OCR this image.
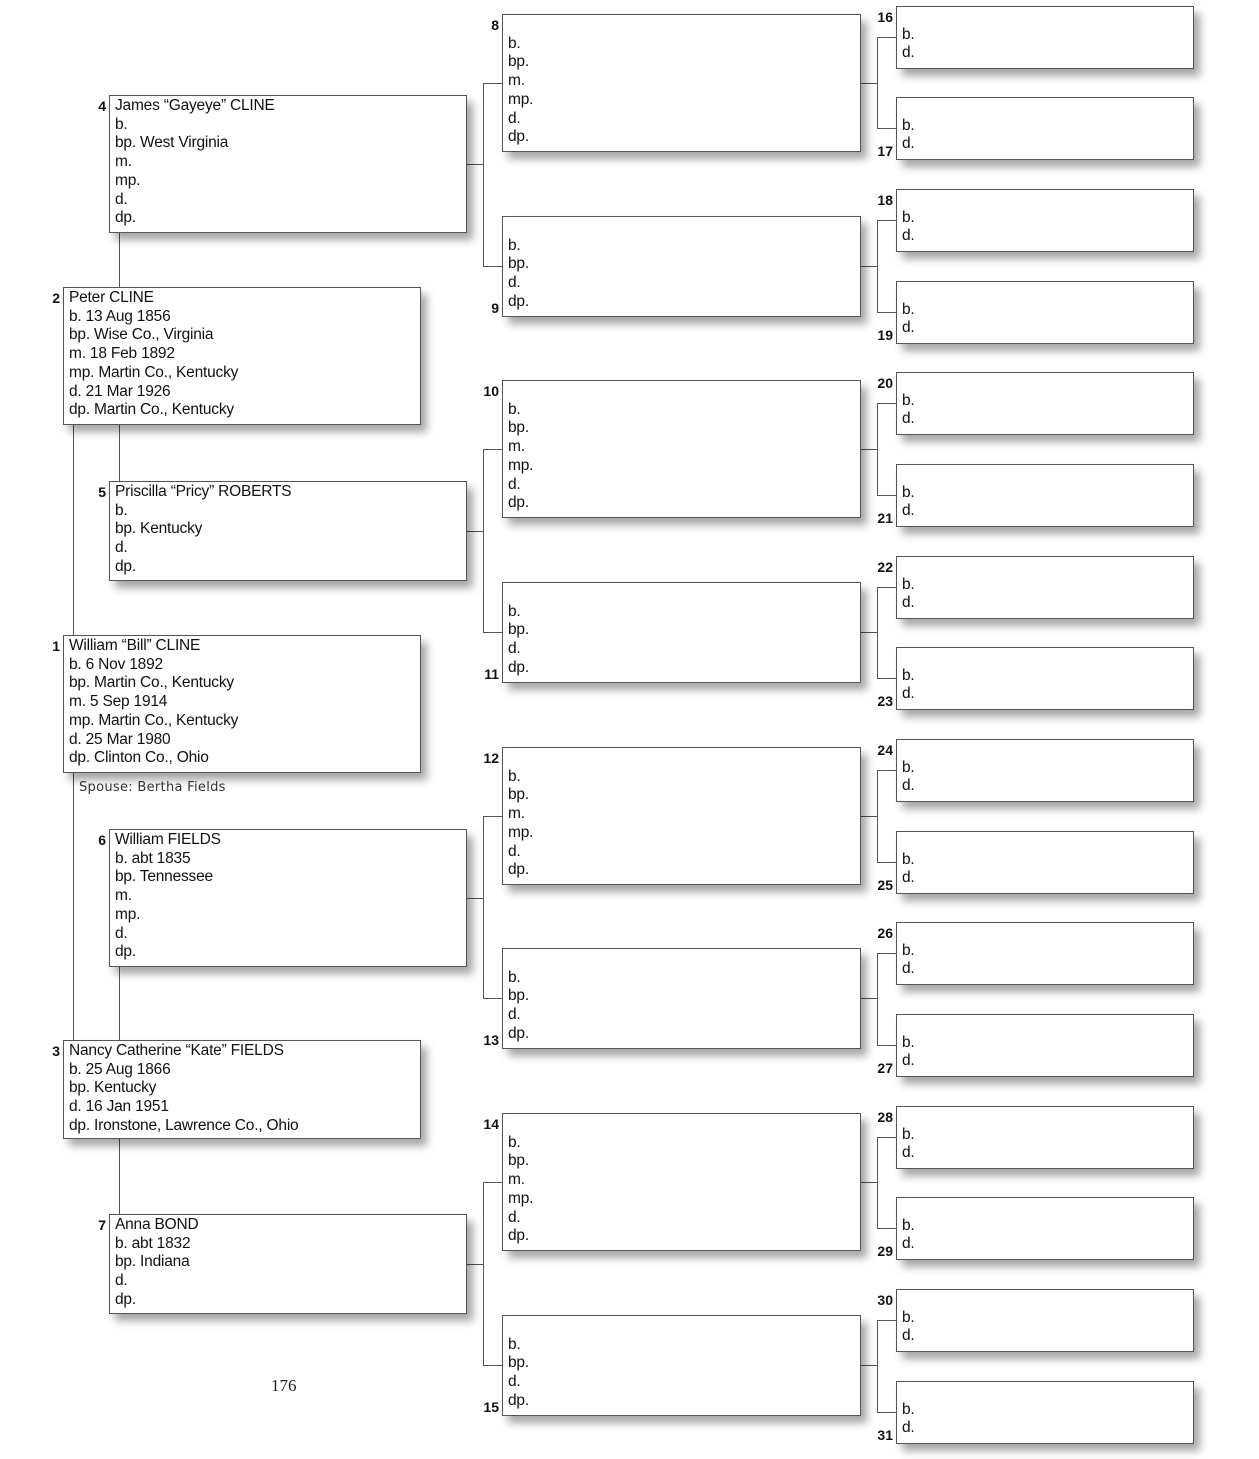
William “Bill” CLINE
b. 6 Nov 1892
bp. Martin Co., Kentucky
m. 5 Sep 1914
mp. Martin Co., Kentucky
d. 25 Mar 1980
dp. Clinton Co., Ohio
1
Peter CLINE
b. 13 Aug 1856
bp. Wise Co., Virginia
m. 18 Feb 1892
mp. Martin Co., Kentucky
d. 21 Mar 1926
dp. Martin Co., Kentucky
2
Nancy Catherine “Kate” FIELDS
b. 25 Aug 1866
bp. Kentucky
d. 16 Jan 1951
dp. Ironstone, Lawrence Co., Ohio
3
James “Gayeye” CLINE
b.
bp. West Virginia
m.
mp.
d.
dp.
4
Priscilla “Pricy” ROBERTS
b.
bp. Kentucky
d.
dp.
5
William FIELDS
b. abt 1835
bp. Tennessee
m.
mp.
d.
dp.
6
Anna BOND
b. abt 1832
bp. Indiana
d.
dp.
7

b.
bp.
m.
mp.
d.
dp.
8

b.
bp.
d.
dp.
9

b.
bp.
m.
mp.
d.
dp.
10

b.
bp.
d.
dp.
11

b.
bp.
m.
mp.
d.
dp.
12

b.
bp.
d.
dp.
13

b.
bp.
m.
mp.
d.
dp.
14

b.
bp.
d.
dp.
15

b.
d.
16

b.
d.
17

b.
d.
18

b.
d.
19

b.
d.
20

b.
d.
21

b.
d.
22

b.
d.
23

b.
d.
24

b.
d.
25

b.
d.
26

b.
d.
27

b.
d.
28

b.
d.
29

b.
d.
30

b.
d.
31
Spouse: Bertha Fields
176
